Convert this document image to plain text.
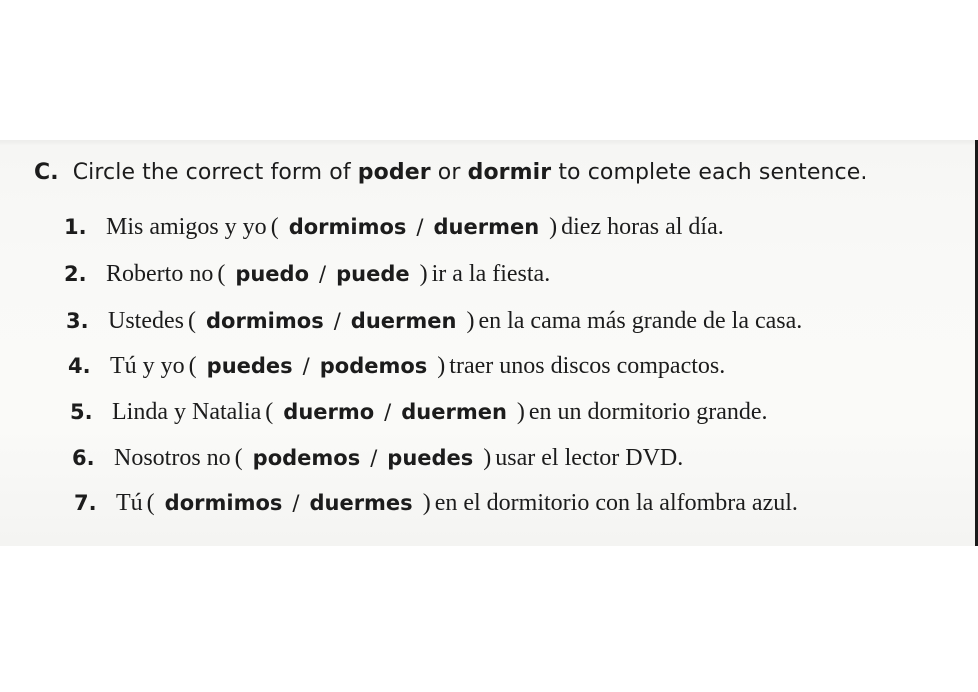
C. Circle the correct form of poder or dormir to complete each sentence.
1. Mis amigos y yo ( dormimos / duermen ) diez horas al día.
2. Roberto no ( puedo / puede ) ir a la fiesta.
3. Ustedes ( dormimos / duermen ) en la cama más grande de la casa.
4. Tú y yo ( puedes / podemos ) traer unos discos compactos.
5. Linda y Natalia ( duermo / duermen ) en un dormitorio grande.
6. Nosotros no ( podemos / puedes ) usar el lector DVD.
7. Tú ( dormimos / duermes ) en el dormitorio con la alfombra azul.
